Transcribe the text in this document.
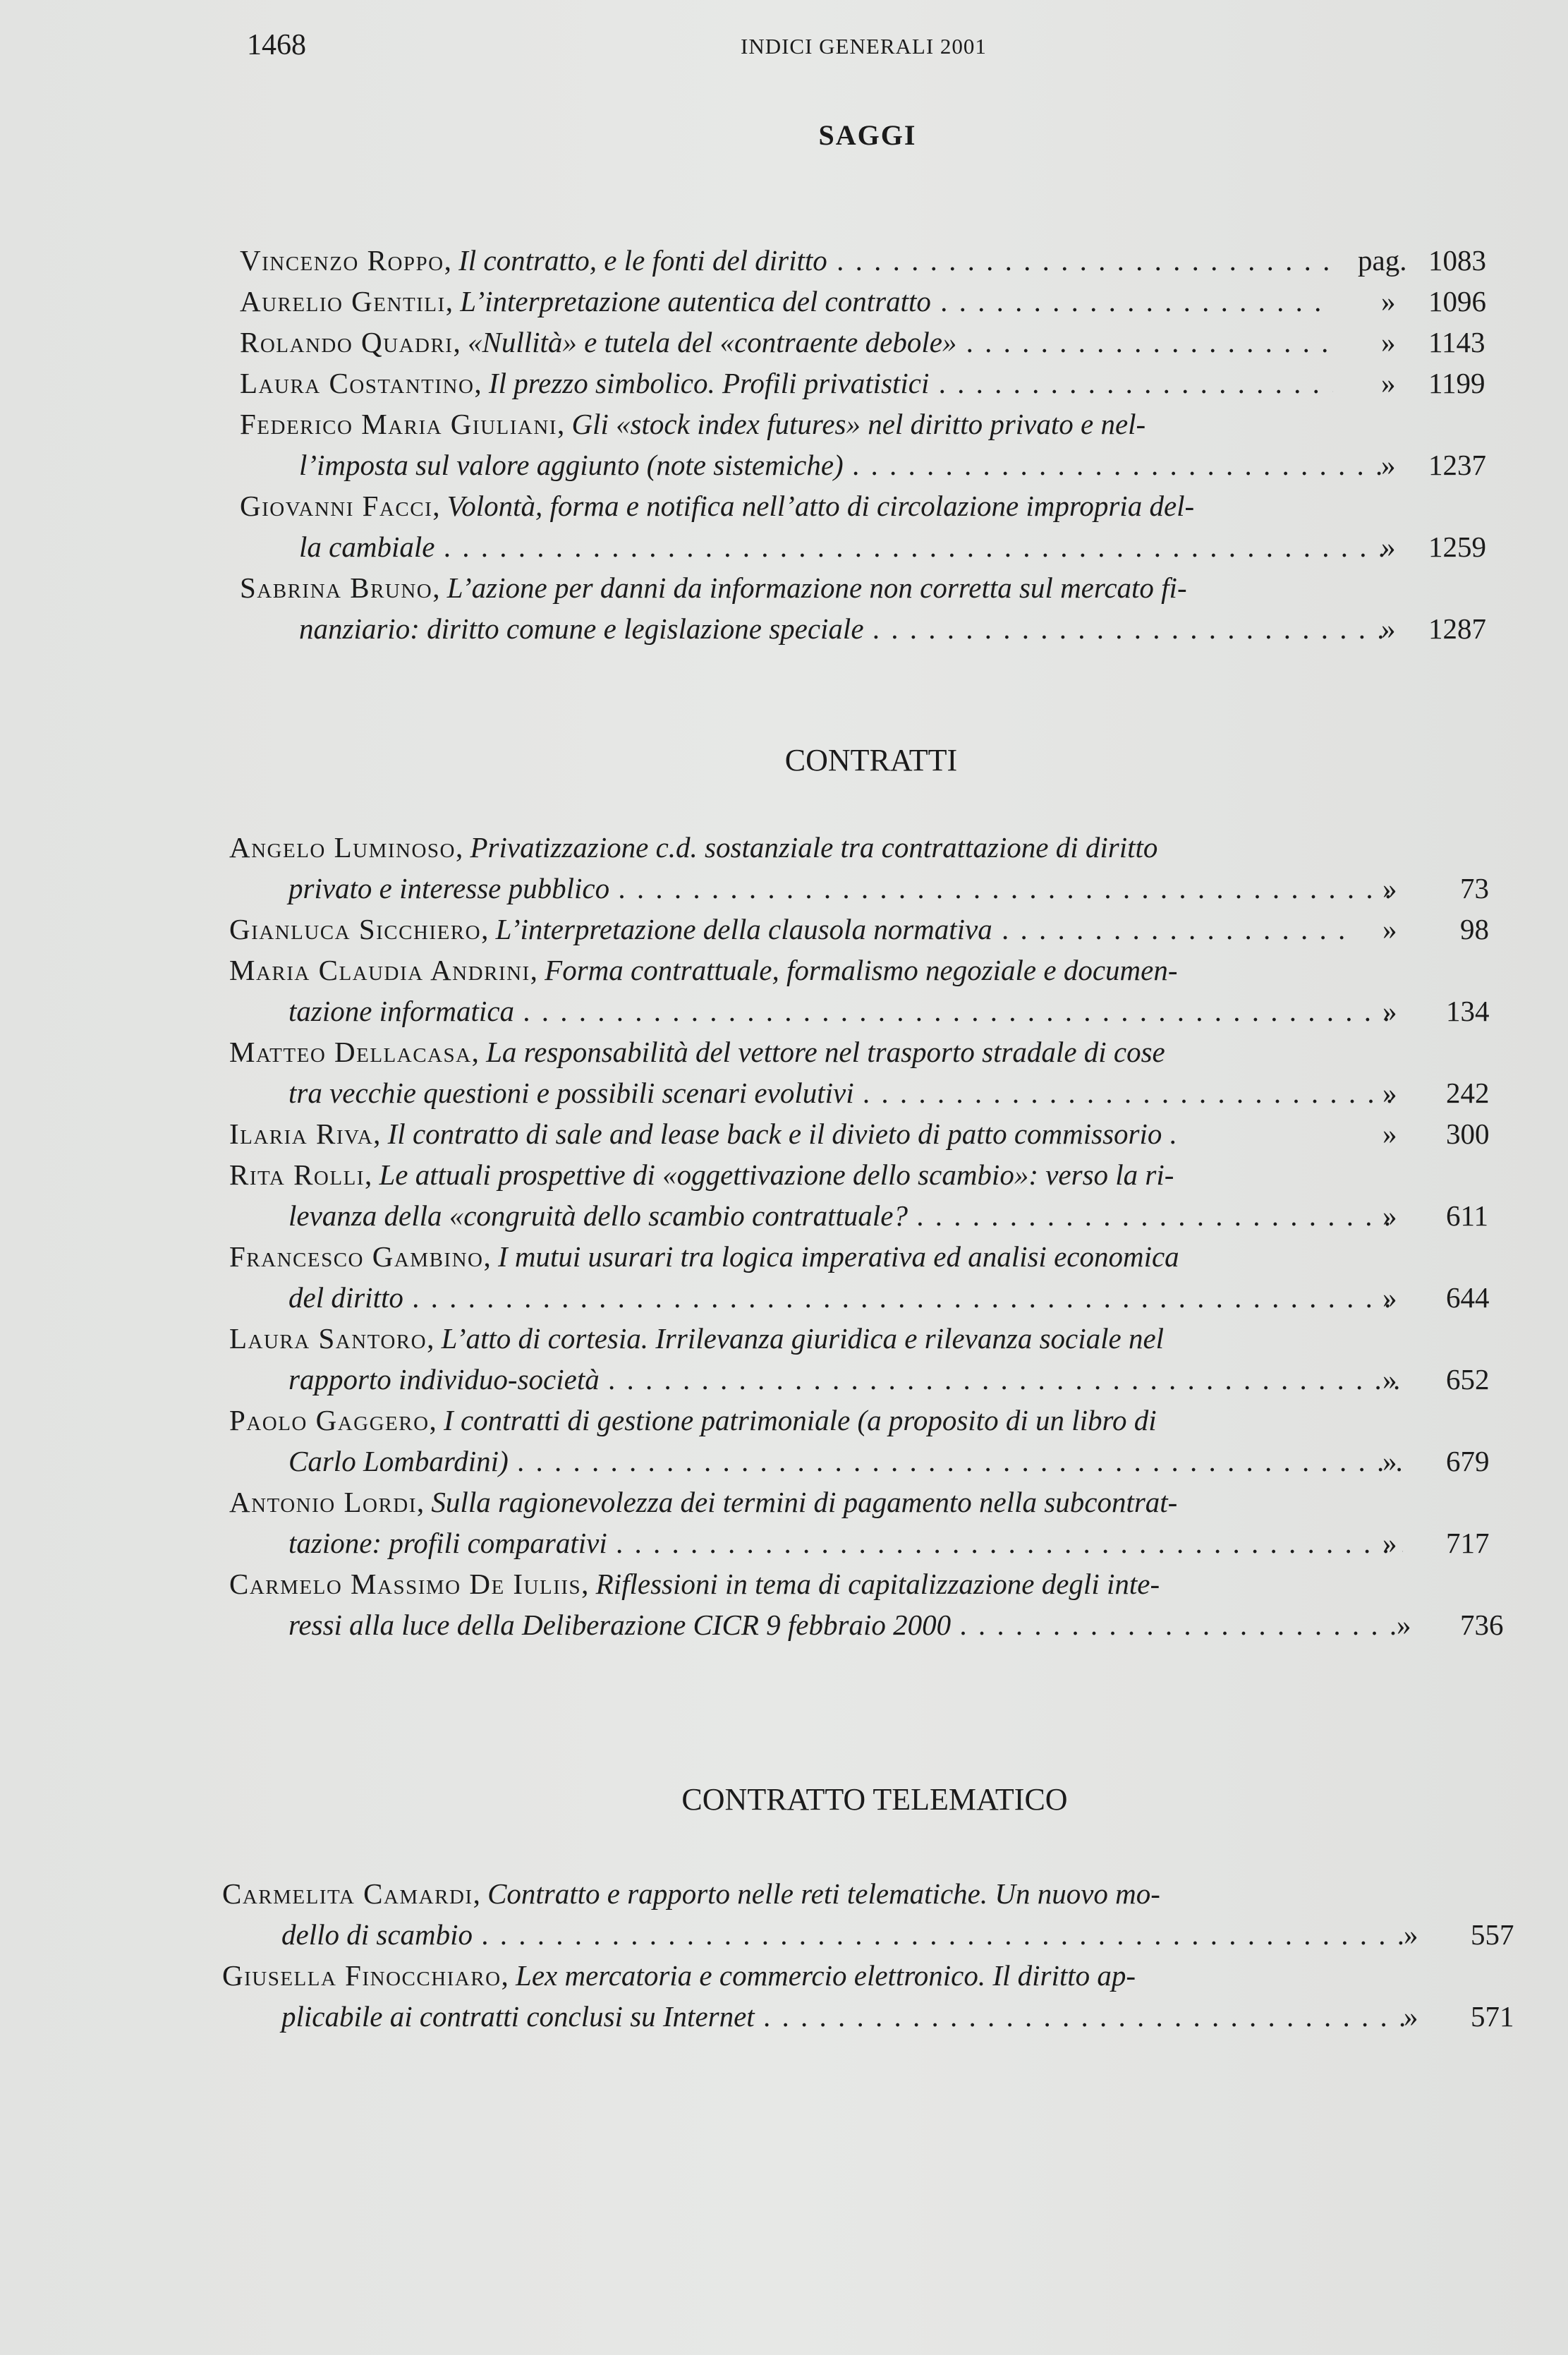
1468	INDICI GENERALI 2001
SAGGI
Vincenzo Roppo, Il contratto, e le fonti del diritto . . .	pag. 1083
Aurelio Gentili, L’interpretazione autentica del contratto . . .	» 1096
Rolando Quadri, «Nullità» e tutela del «contraente debole» . . .	» 1143
Laura Costantino, Il prezzo simbolico. Profili privatistici . . .	» 1199
Federico Maria Giuliani, Gli «stock index futures» nel diritto privato e nel-
l’imposta sul valore aggiunto (note sistemiche) . . .	» 1237
Giovanni Facci, Volontà, forma e notifica nell’atto di circolazione impropria del-
la cambiale . . .	» 1259
Sabrina Bruno, L’azione per danni da informazione non corretta sul mercato fi-
nanziario: diritto comune e legislazione speciale . . .	» 1287
CONTRATTI
Angelo Luminoso, Privatizzazione c.d. sostanziale tra contrattazione di diritto
privato e interesse pubblico . . .	» 73
Gianluca Sicchiero, L’interpretazione della clausola normativa . . .	» 98
Maria Claudia Andrini, Forma contrattuale, formalismo negoziale e documen-
tazione informatica . . .	» 134
Matteo Dellacasa, La responsabilità del vettore nel trasporto stradale di cose
tra vecchie questioni e possibili scenari evolutivi . . .	» 242
Ilaria Riva, Il contratto di sale and lease back e il divieto di patto commissorio .	» 300
Rita Rolli, Le attuali prospettive di «oggettivazione dello scambio»: verso la ri-
levanza della «congruità dello scambio contrattuale? . . .	» 611
Francesco Gambino, I mutui usurari tra logica imperativa ed analisi economica
del diritto . . .	» 644
Laura Santoro, L’atto di cortesia. Irrilevanza giuridica e rilevanza sociale nel
rapporto individuo-società . . .	» 652
Paolo Gaggero, I contratti di gestione patrimoniale (a proposito di un libro di
Carlo Lombardini) . . .	» 679
Antonio Lordi, Sulla ragionevolezza dei termini di pagamento nella subcontrat-
tazione: profili comparativi . . .	» 717
Carmelo Massimo De Iuliis, Riflessioni in tema di capitalizzazione degli inte-
ressi alla luce della Deliberazione CICR 9 febbraio 2000 . . .	» 736
CONTRATTO TELEMATICO
Carmelita Camardi, Contratto e rapporto nelle reti telematiche. Un nuovo mo-
dello di scambio . . .	» 557
Giusella Finocchiaro, Lex mercatoria e commercio elettronico. Il diritto ap-
plicabile ai contratti conclusi su Internet . . .	» 571
